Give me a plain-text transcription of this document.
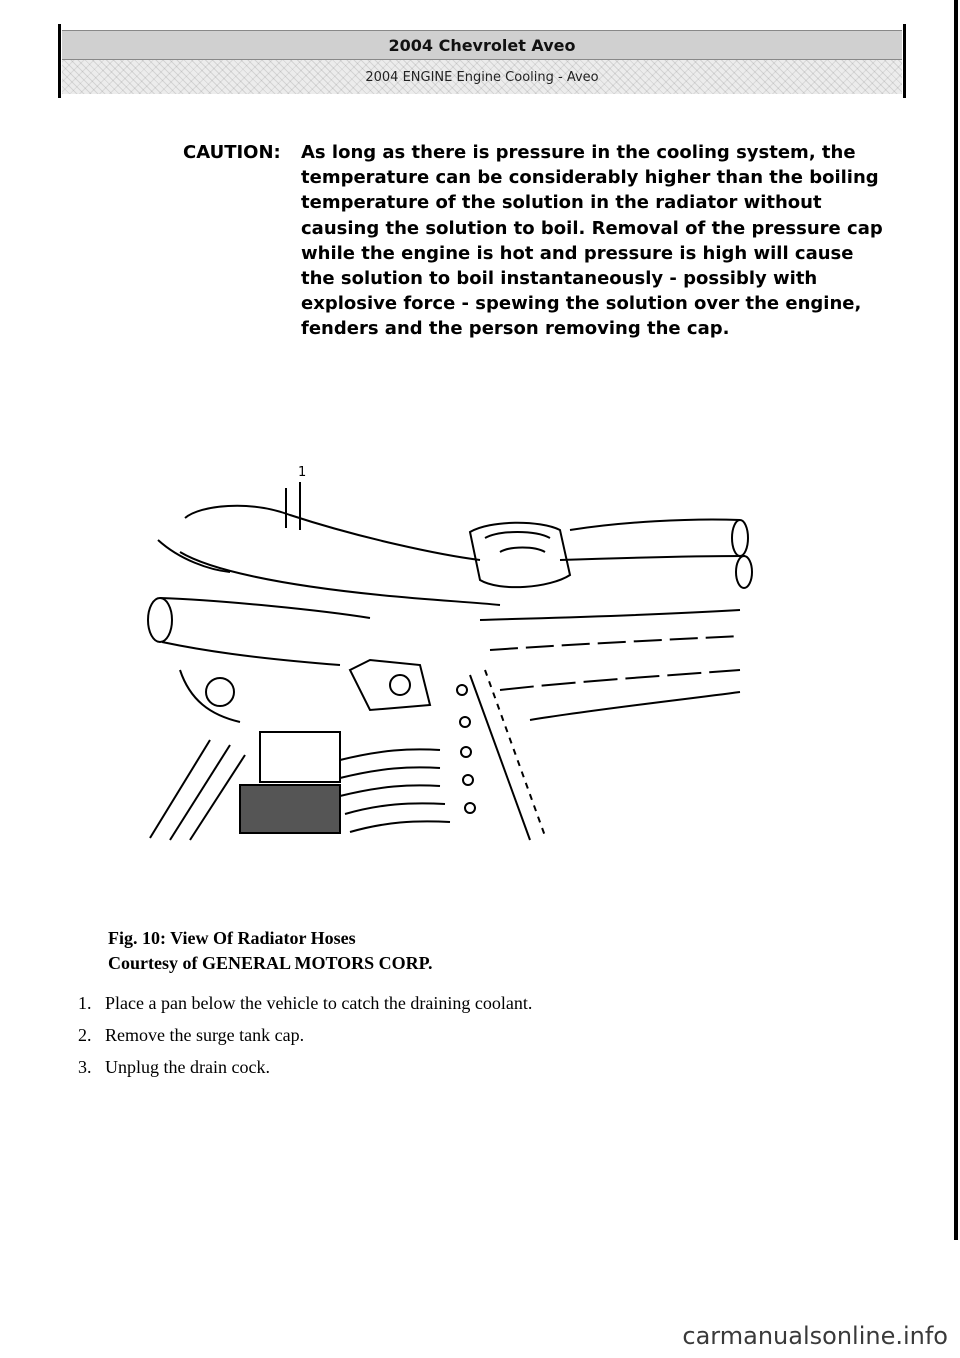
2004 Chevrolet Aveo
2004 ENGINE Engine Cooling - Aveo
CAUTION:	As long as there is pressure in the cooling system, the temperature can be considerably higher than the boiling temperature of the solution in the radiator without causing the solution to boil. Removal of the pressure cap while the engine is hot and pressure is high will cause the solution to boil instantaneously - possibly with explosive force - spewing the solution over the engine, fenders and the person removing the cap.
1
Fig. 10: View Of Radiator Hoses
Courtesy of GENERAL MOTORS CORP.
1. Place a pan below the vehicle to catch the draining coolant.
2. Remove the surge tank cap.
3. Unplug the drain cock.
carmanualsonline.info
